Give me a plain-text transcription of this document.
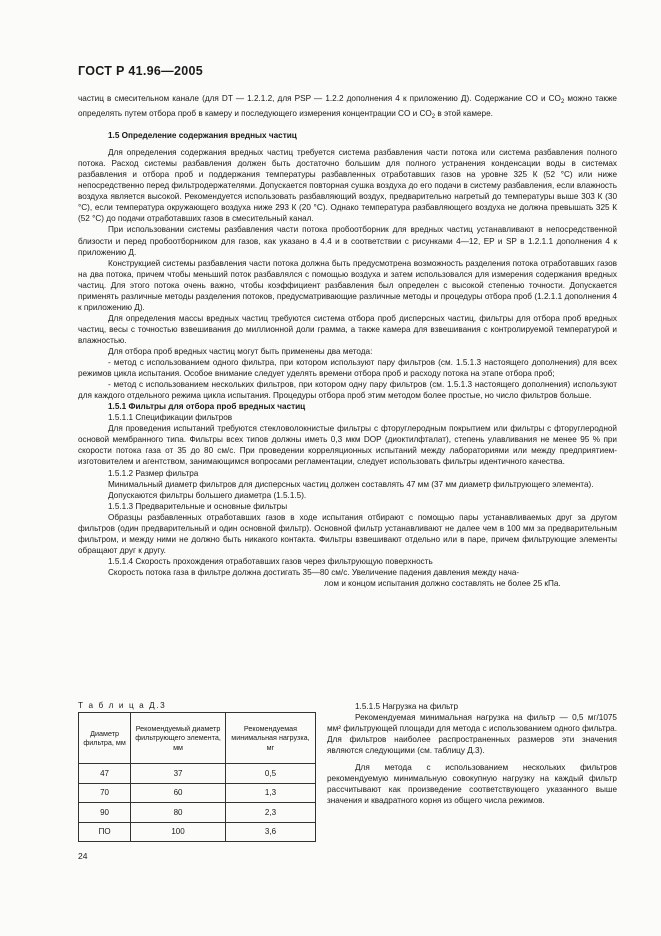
ГОСТ Р 41.96—2005

частиц в смесительном канале (для DT — 1.2.1.2, для PSP — 1.2.2 дополнения 4 к приложению Д). Содержание CO и $CO_2$ можно также определять путем отбора проб в камеру и последующего измерения концентрации CO и $CO_2$ в этой камере.

1.5 Определение содержания вредных частиц

Для определения содержания вредных частиц требуется система разбавления части потока или система разбавления полного потока. Расход системы разбавления должен быть достаточно большим для полного устранения конденсации воды в системах разбавления и отбора проб и поддержания температуры разбавленных отработавших газов на уровне 325 К (52 °С) или ниже непосредственно перед фильтродержателями. Допускается повторная сушка воздуха до его подачи в систему разбавления, если влажность воздуха является высокой. Рекомендуется использовать разбавляющий воздух, предварительно нагретый до температуры выше 303 К (30 °С), если температура окружающего воздуха ниже 293 К (20 °С). Однако температура разбавляющего воздуха не должна превышать 325 К (52 °С) до подачи отработавших газов в смесительный канал.

При использовании системы разбавления части потока пробоотборник для вредных частиц устанавливают в непосредственной близости и перед пробоотборником для газов, как указано в 4.4 и в соответствии с рисунками 4—12, EP и SP в 1.2.1.1 дополнения 4 к приложению Д.

Конструкцией системы разбавления части потока должна быть предусмотрена возможность разделения потока отработавших газов на два потока, причем чтобы меньший поток разбавлялся с помощью воздуха и затем использовался для измерения содержания вредных частиц. Для этого потока очень важно, чтобы коэффициент разбавления был определен с высокой степенью точности. Допускается применять различные методы разделения потоков, предусматривающие различные методы и процедуры отбора проб (1.2.1.1 дополнения 4 к приложению Д).

Для определения массы вредных частиц требуются система отбора проб дисперсных частиц, фильтры для отбора проб вредных частиц, весы с точностью взвешивания до миллионной доли грамма, а также камера для взвешивания с контролируемой температурой и влажностью.

Для отбора проб вредных частиц могут быть применены два метода:

- метод с использованием одного фильтра, при котором используют пару фильтров (см. 1.5.1.3 настоящего дополнения) для всех режимов цикла испытания. Особое внимание следует уделять времени отбора проб и расходу потока на этапе отбора проб;

- метод с использованием нескольких фильтров, при котором одну пару фильтров (см. 1.5.1.3 настоящего дополнения) используют для каждого отдельного режима цикла испытания. Процедуры отбора проб этим методом более простые, но число фильтров больше.

1.5.1 Фильтры для отбора проб вредных частиц
1.5.1.1 Спецификации фильтров

Для проведения испытаний требуются стекловолокнистые фильтры с фторуглеродным покрытием или фильтры с фторуглеродной основой мембранного типа. Фильтры всех типов должны иметь 0,3 мкм DOP (диоктилфталат), степень улавливания не менее 95 % при скорости потока газа от 35 до 80 см/с. При проведении корреляционных испытаний между лабораториями или между предприятием-изготовителем и агентством, занимающимся вопросами регламентации, следует использовать фильтры идентичного качества.

1.5.1.2 Размер фильтра

Минимальный диаметр фильтров для дисперсных частиц должен составлять 47 мм (37 мм диаметр фильтрующего элемента).

Допускаются фильтры большего диаметра (1.5.1.5).

1.5.1.3 Предварительные и основные фильтры

Образцы разбавленных отработавших газов в ходе испытания отбирают с помощью пары устанавливаемых друг за другом фильтров (один предварительный и один основной фильтр). Основной фильтр устанавливают не далее чем в 100 мм за предварительным фильтром, и между ними не должно быть никакого контакта. Фильтры взвешивают отдельно или в паре, причем фильтрующие элементы обращают друг к другу.

1.5.1.4 Скорость прохождения отработавших газов через фильтрующую поверхность

Скорость потока газа в фильтре должна достигать 35—80 см/с. Увеличение падения давления между нача-

лом и концом испытания должно составлять не более 25 кПа.

Т а б л и ц а Д.3
Диаметр фильтра, мм	Рекомендуемый диаметр фильтрующего элемента, мм	Рекомендуемая минимальная нагрузка, мг
47	37	0,5
70	60	1,3
90	80	2,3
ПО	100	3,6
1.5.1.5 Нагрузка на фильтр

Рекомендуемая минимальная нагрузка на фильтр — 0,5 мг/1075 мм² фильтрующей площади для метода с использованием одного фильтра. Для фильтров наиболее распространенных размеров эти значения являются следующими (см. таблицу Д.3).

Для метода с использованием нескольких фильтров рекомендуемую минимальную совокупную нагрузку на каждый фильтр рассчитывают как произведение соответствующего указанного выше значения и квадратного корня из общего числа режимов.

24
